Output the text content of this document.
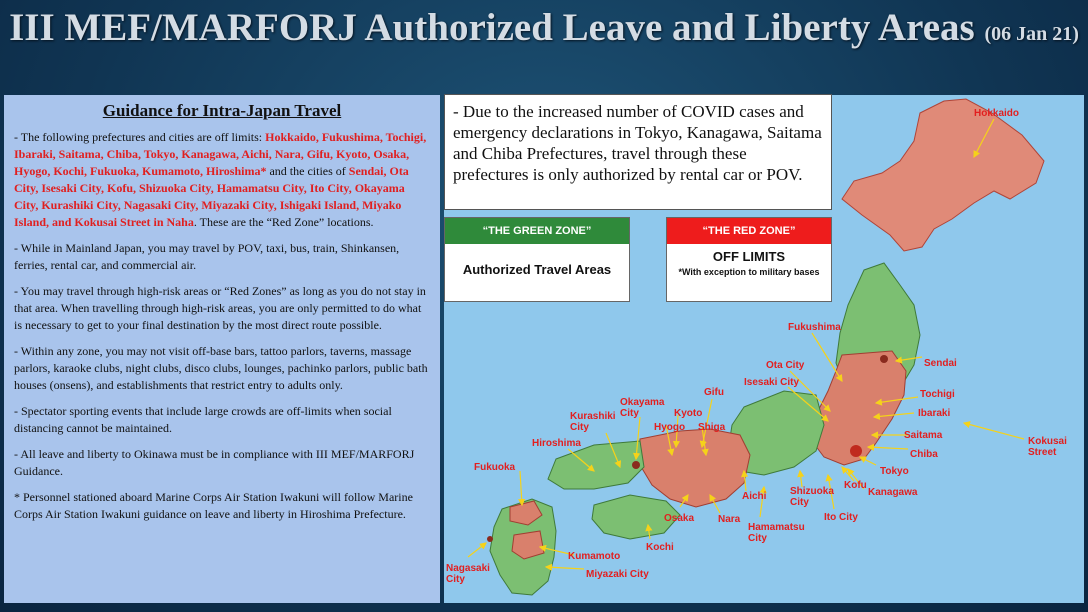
III MEF/MARFORJ Authorized Leave and Liberty Areas (06 Jan 21)
Guidance for Intra-Japan Travel

- The following prefectures and cities are off limits: Hokkaido, Fukushima, Tochigi, Ibaraki, Saitama, Chiba, Tokyo, Kanagawa, Aichi, Nara, Gifu, Kyoto, Osaka, Hyogo, Kochi, Fukuoka, Kumamoto, Hiroshima* and the cities of Sendai, Ota City, Isesaki City, Kofu, Shizuoka City, Hamamatsu City, Ito City, Okayama City, Kurashiki City, Nagasaki City, Miyazaki City, Ishigaki Island, Miyako Island, and Kokusai Street in Naha. These are the “Red Zone” locations.

- While in Mainland Japan, you may travel by POV, taxi, bus, train, Shinkansen, ferries, rental car, and commercial air.

- You may travel through high-risk areas or “Red Zones” as long as you do not stay in that area. When travelling through high-risk areas, you are only permitted to do what is necessary to get to your final destination by the most direct route possible.

- Within any zone, you may not visit off-base bars, tattoo parlors, taverns, massage parlors, karaoke clubs, night clubs, disco clubs, lounges, pachinko parlors, public bath houses (onsens), and establishments that restrict entry to adults only.

- Spectator sporting events that include large crowds are off-limits when social distancing cannot be maintained.

- All leave and liberty to Okinawa must be in compliance with III MEF/MARFORJ Guidance.

* Personnel stationed aboard Marine Corps Air Station Iwakuni will follow Marine Corps Air Station Iwakuni guidance on leave and liberty in Hiroshima Prefecture.

Hokkaido
Fukushima
Sendai
Ota City
Isesaki City
Tochigi
Ibaraki
Saitama
Chiba
Tokyo
Kanagawa
Kokusai Street
Gifu
Okayama City	Kyoto
Kurashiki City	Hyogo Shiga
Hiroshima
Fukuoka
Aichi Shizuoka City
Kofu
Ito City
Osaka Nara
Hamamatsu City
Kochi
Kumamoto
Nagasaki City	Miyazaki City
- Due to the increased number of COVID cases and emergency declarations in Tokyo, Kanagawa, Saitama and Chiba Prefectures, travel through these prefectures is only authorized by rental car or POV.
“THE GREEN ZONE”
Authorized Travel Areas
“THE RED ZONE”
OFF LIMITS
*With exception to military bases
